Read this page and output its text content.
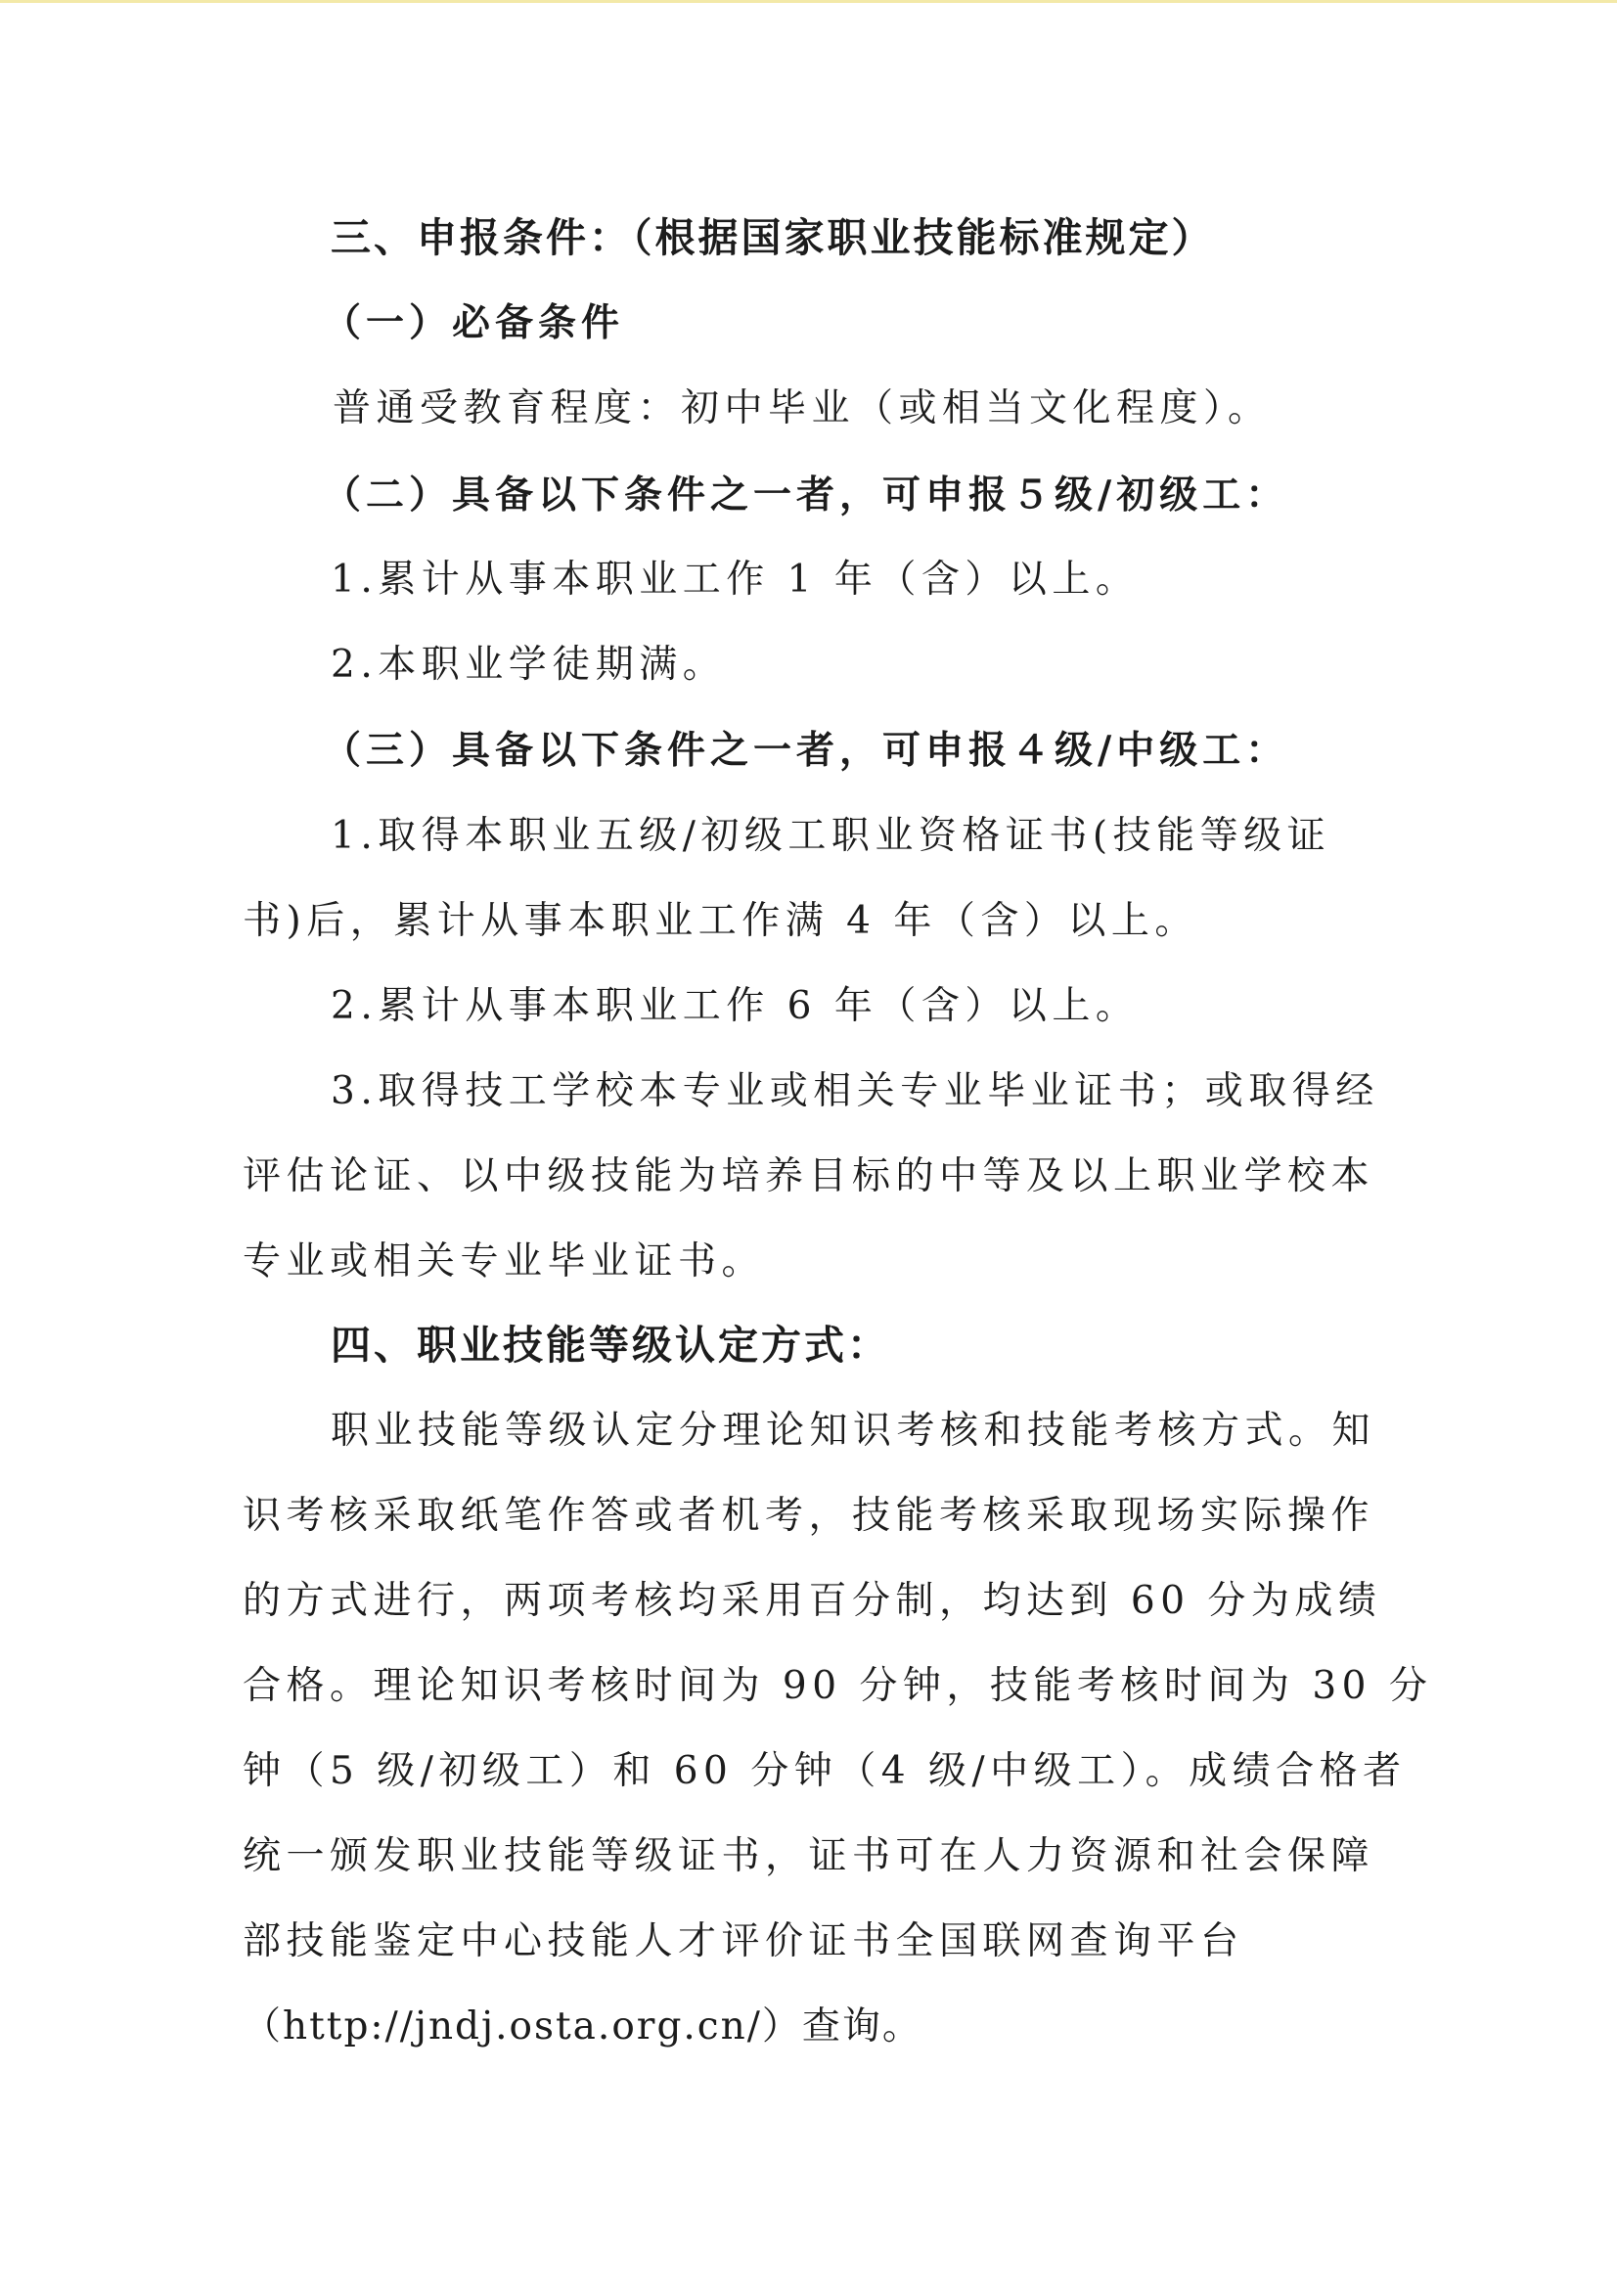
三、申报条件：（根据国家职业技能标准规定）
（一）必备条件
普通受教育程度：初中毕业（或相当文化程度）。
（二）具备以下条件之一者，可申报５级/初级工：
1.累计从事本职业工作 1 年（含）以上。
2.本职业学徒期满。
（三）具备以下条件之一者，可申报４级/中级工：
1.取得本职业五级/初级工职业资格证书(技能等级证
书)后，累计从事本职业工作满 4 年（含）以上。
2.累计从事本职业工作 6 年（含）以上。
3.取得技工学校本专业或相关专业毕业证书；或取得经
评估论证、以中级技能为培养目标的中等及以上职业学校本
专业或相关专业毕业证书。
四、职业技能等级认定方式：
职业技能等级认定分理论知识考核和技能考核方式。知
识考核采取纸笔作答或者机考，技能考核采取现场实际操作
的方式进行，两项考核均采用百分制，均达到 60 分为成绩
合格。理论知识考核时间为 90 分钟，技能考核时间为 30 分
钟（5 级/初级工）和 60 分钟（4 级/中级工）。成绩合格者
统一颁发职业技能等级证书，证书可在人力资源和社会保障
部技能鉴定中心技能人才评价证书全国联网查询平台
（http://jndj.osta.org.cn/）查询。
